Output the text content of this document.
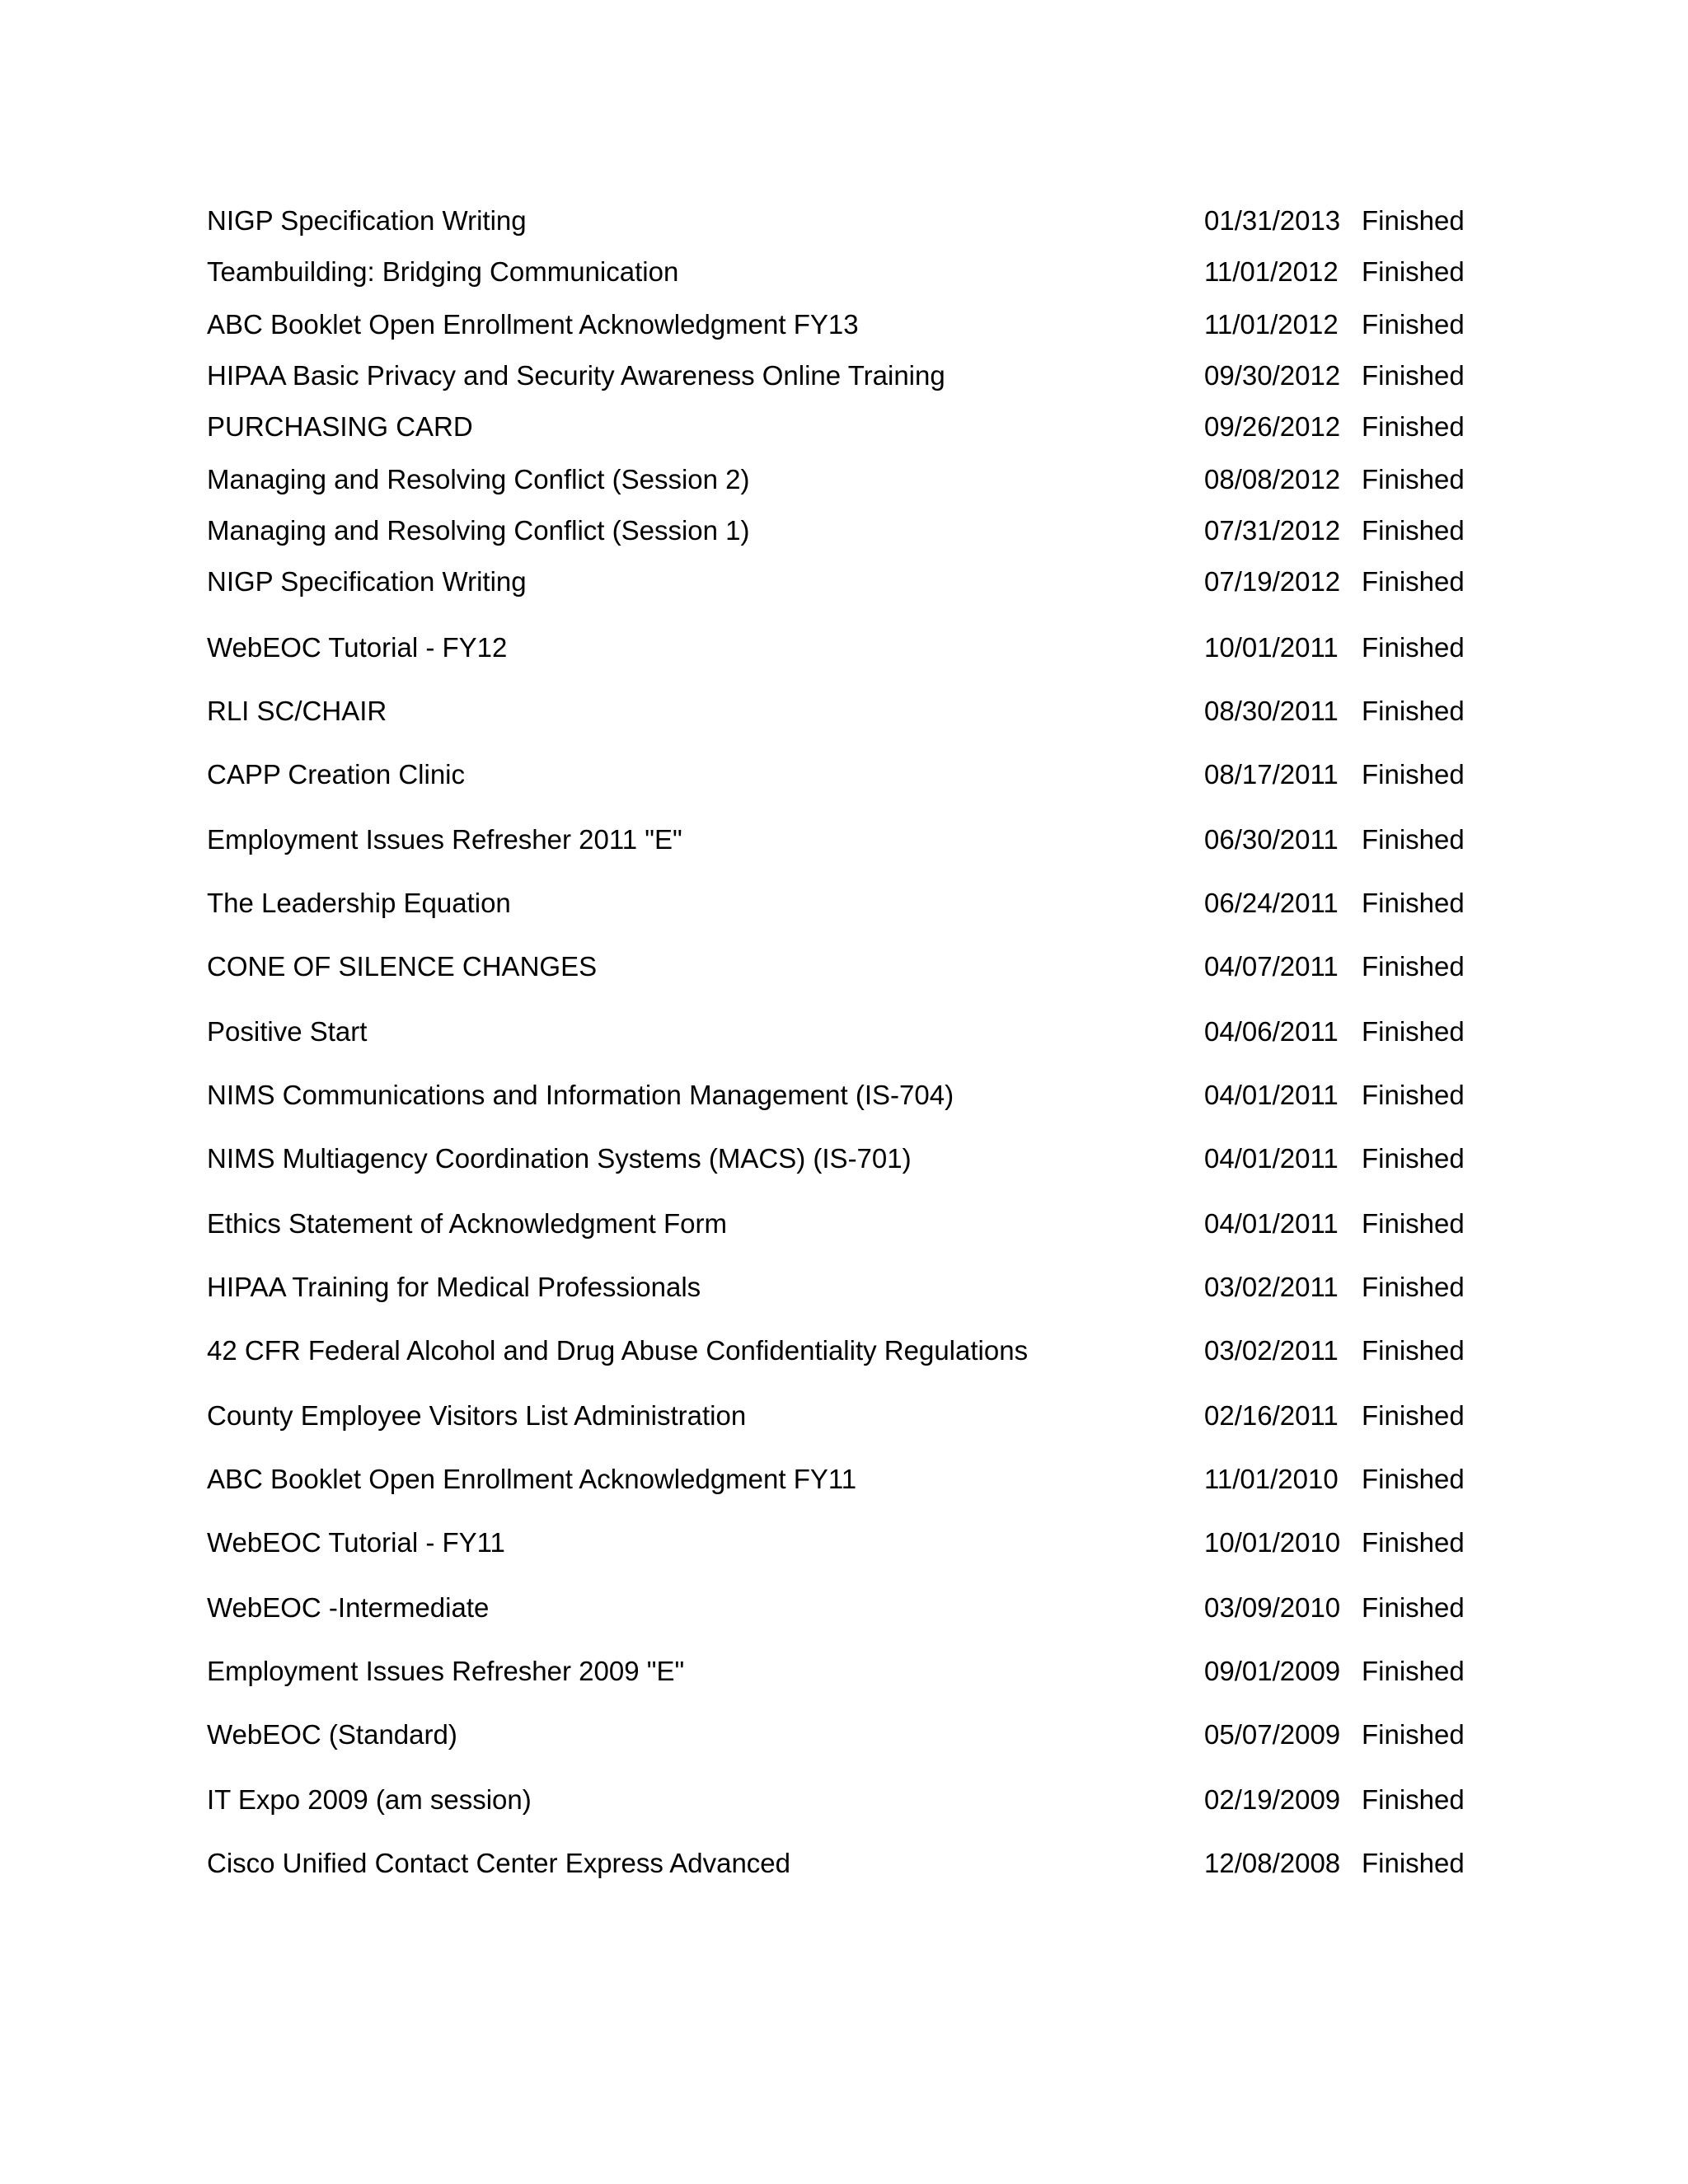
NIGP Specification Writing	01/31/2013 Finished
Teambuilding: Bridging Communication	11/01/2012 Finished
ABC Booklet Open Enrollment Acknowledgment FY13	11/01/2012 Finished
HIPAA Basic Privacy and Security Awareness Online Training	09/30/2012 Finished
PURCHASING CARD	09/26/2012 Finished
Managing and Resolving Conflict (Session 2)	08/08/2012 Finished
Managing and Resolving Conflict (Session 1)	07/31/2012 Finished
NIGP Specification Writing	07/19/2012 Finished
WebEOC Tutorial - FY12	10/01/2011 Finished
RLI SC/CHAIR	08/30/2011 Finished
CAPP Creation Clinic	08/17/2011 Finished
Employment Issues Refresher 2011 "E"	06/30/2011 Finished
The Leadership Equation	06/24/2011 Finished
CONE OF SILENCE CHANGES	04/07/2011 Finished
Positive Start	04/06/2011 Finished
NIMS Communications and Information Management (IS-704)	04/01/2011 Finished
NIMS Multiagency Coordination Systems (MACS) (IS-701)	04/01/2011 Finished
Ethics Statement of Acknowledgment Form	04/01/2011 Finished
HIPAA Training for Medical Professionals	03/02/2011 Finished
42 CFR Federal Alcohol and Drug Abuse Confidentiality Regulations	03/02/2011 Finished
County Employee Visitors List Administration	02/16/2011 Finished
ABC Booklet Open Enrollment Acknowledgment FY11	11/01/2010 Finished
WebEOC Tutorial - FY11	10/01/2010 Finished
WebEOC -Intermediate	03/09/2010 Finished
Employment Issues Refresher 2009 "E"	09/01/2009 Finished
WebEOC (Standard)	05/07/2009 Finished
IT Expo 2009 (am session)	02/19/2009 Finished
Cisco Unified Contact Center Express Advanced	12/08/2008 Finished
